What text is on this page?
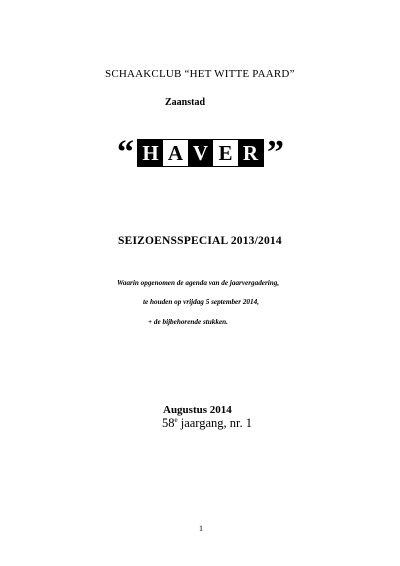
SCHAAKCLUB “HET WITTE PAARD”
Zaanstad
“ H A V E R ”
SEIZOENSSPECIAL 2013/2014
Waarin opgenomen de agenda van de jaarvergadering,
te houden op vrijdag 5 september 2014,
+ de bijbehorende stukken.
Augustus 2014
58e jaargang, nr. 1
1
